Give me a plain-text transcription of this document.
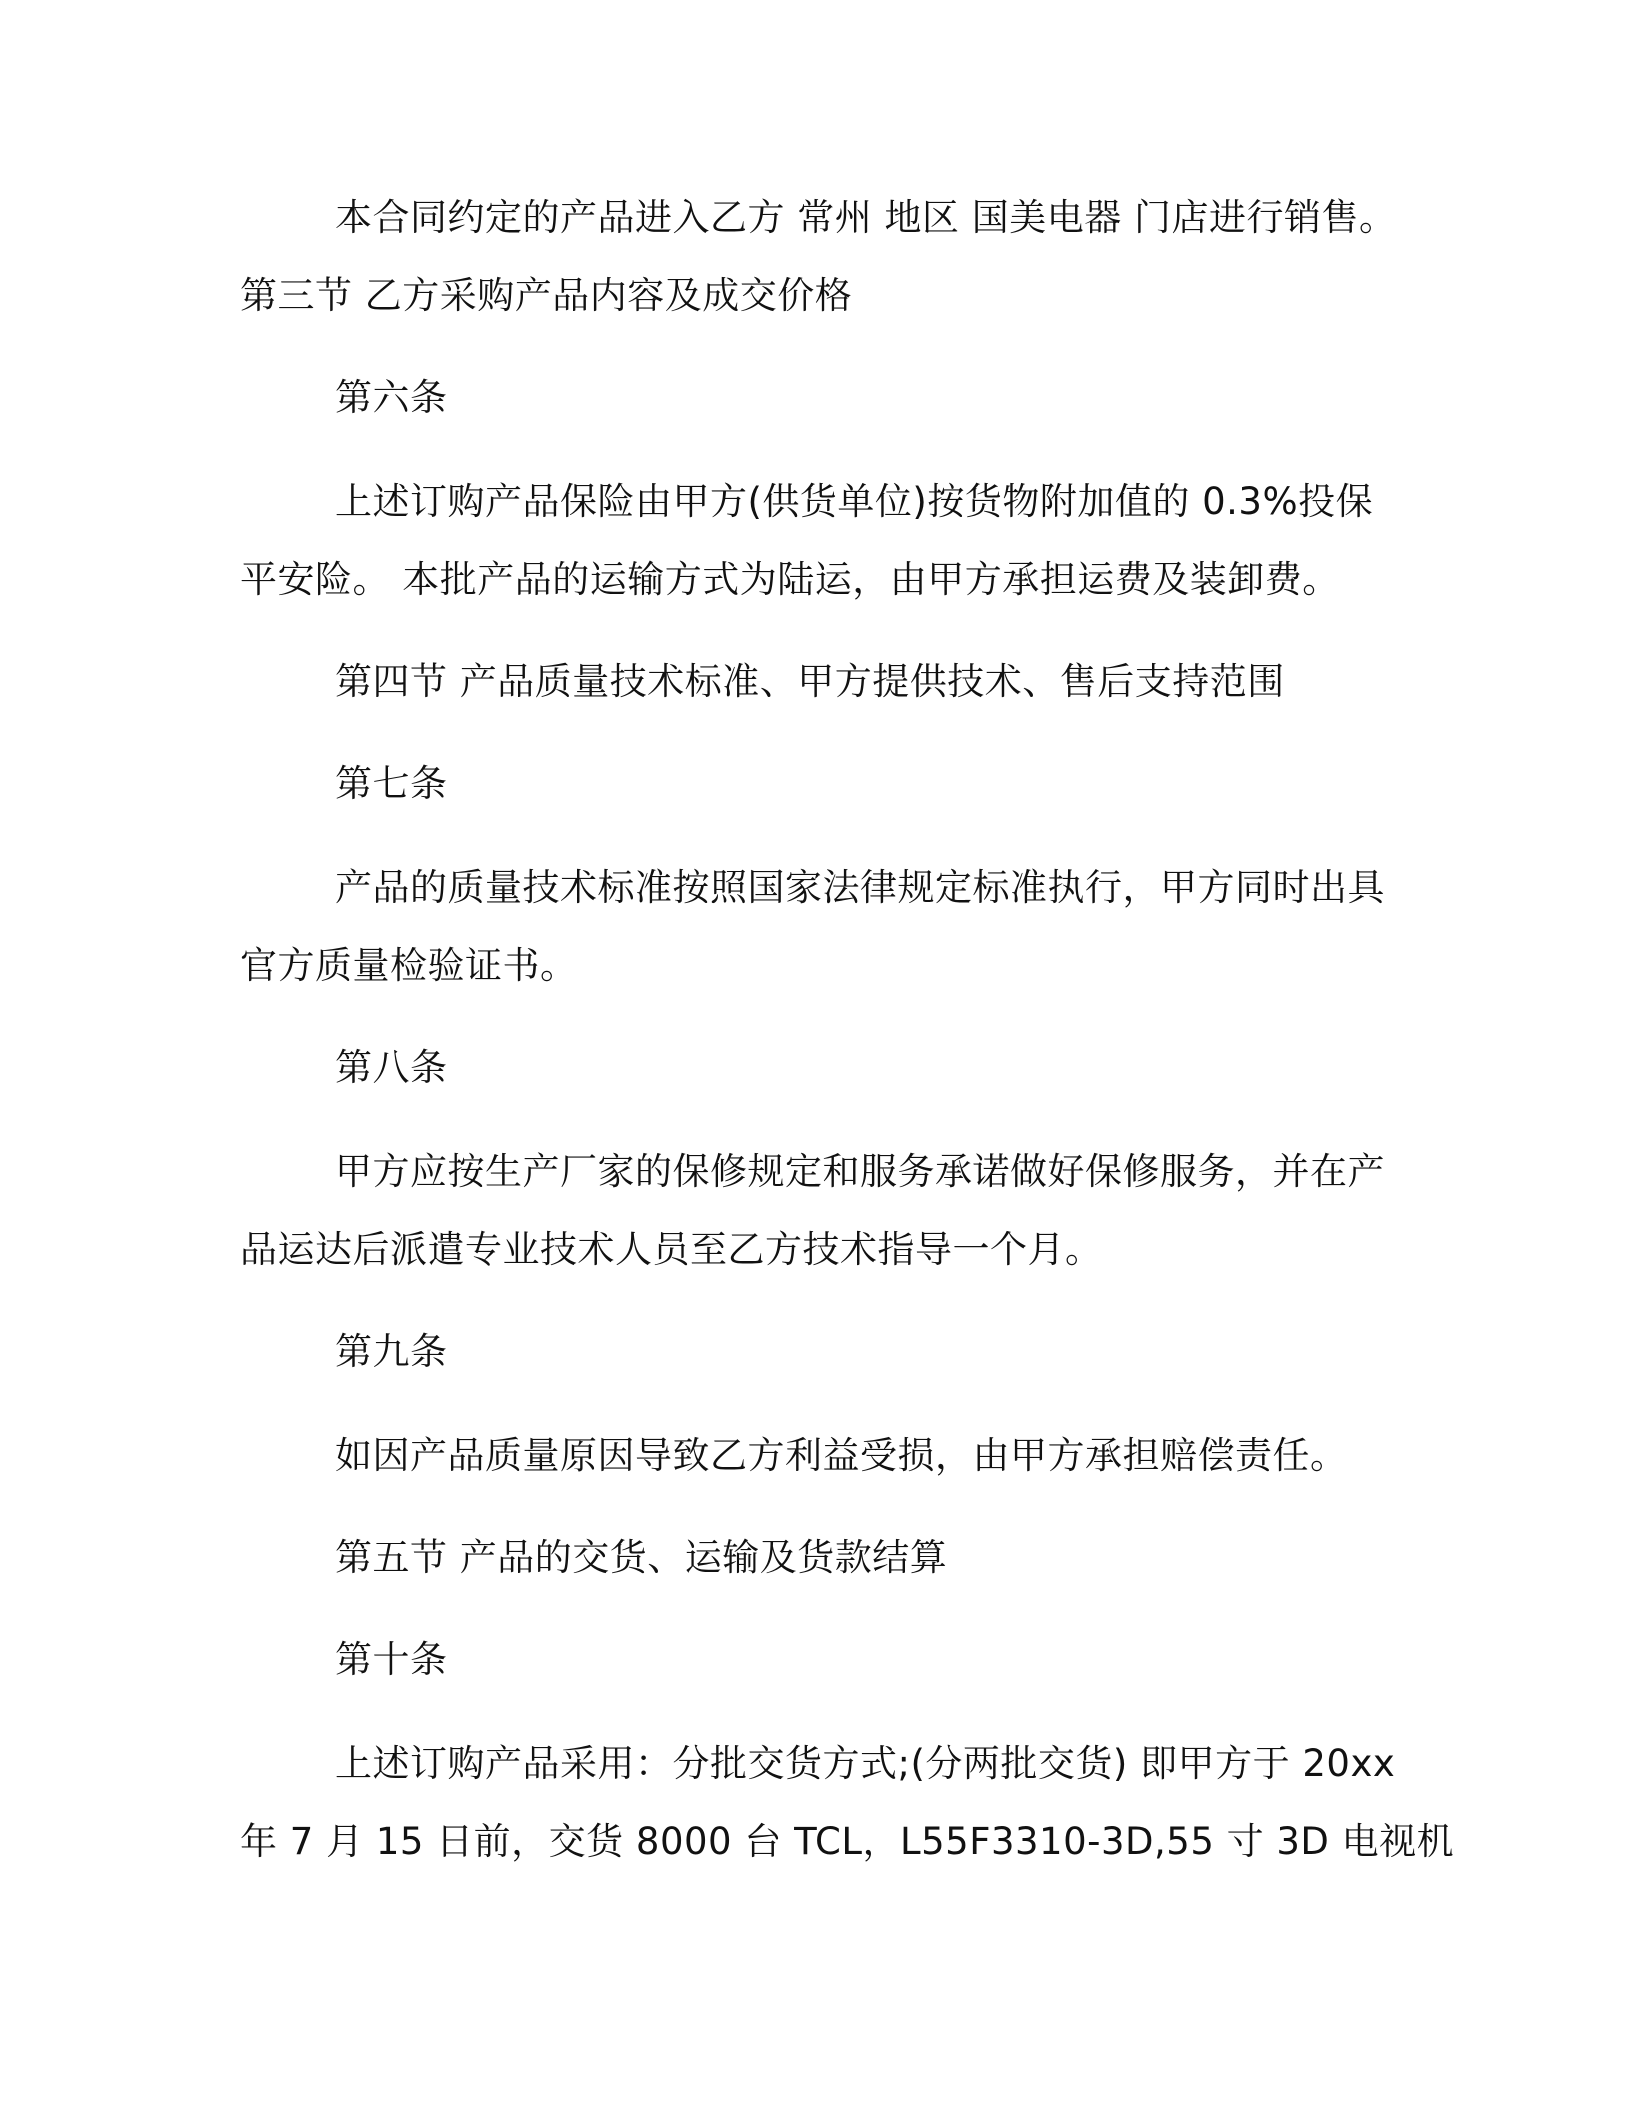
本合同约定的产品进入乙方 常州 地区 国美电器 门店进行销售。
第三节 乙方采购产品内容及成交价格
第六条
上述订购产品保险由甲方(供货单位)按货物附加值的 0.3%投保
平安险。 本批产品的运输方式为陆运，由甲方承担运费及装卸费。
第四节 产品质量技术标准、甲方提供技术、售后支持范围
第七条
产品的质量技术标准按照国家法律规定标准执行，甲方同时出具
官方质量检验证书。
第八条
甲方应按生产厂家的保修规定和服务承诺做好保修服务，并在产
品运达后派遣专业技术人员至乙方技术指导一个月。
第九条
如因产品质量原因导致乙方利益受损，由甲方承担赔偿责任。
第五节 产品的交货、运输及货款结算
第十条
上述订购产品采用：分批交货方式;(分两批交货) 即甲方于 20xx
年 7 月 15 日前，交货 8000 台 TCL，L55F3310-3D,55 寸 3D 电视机
